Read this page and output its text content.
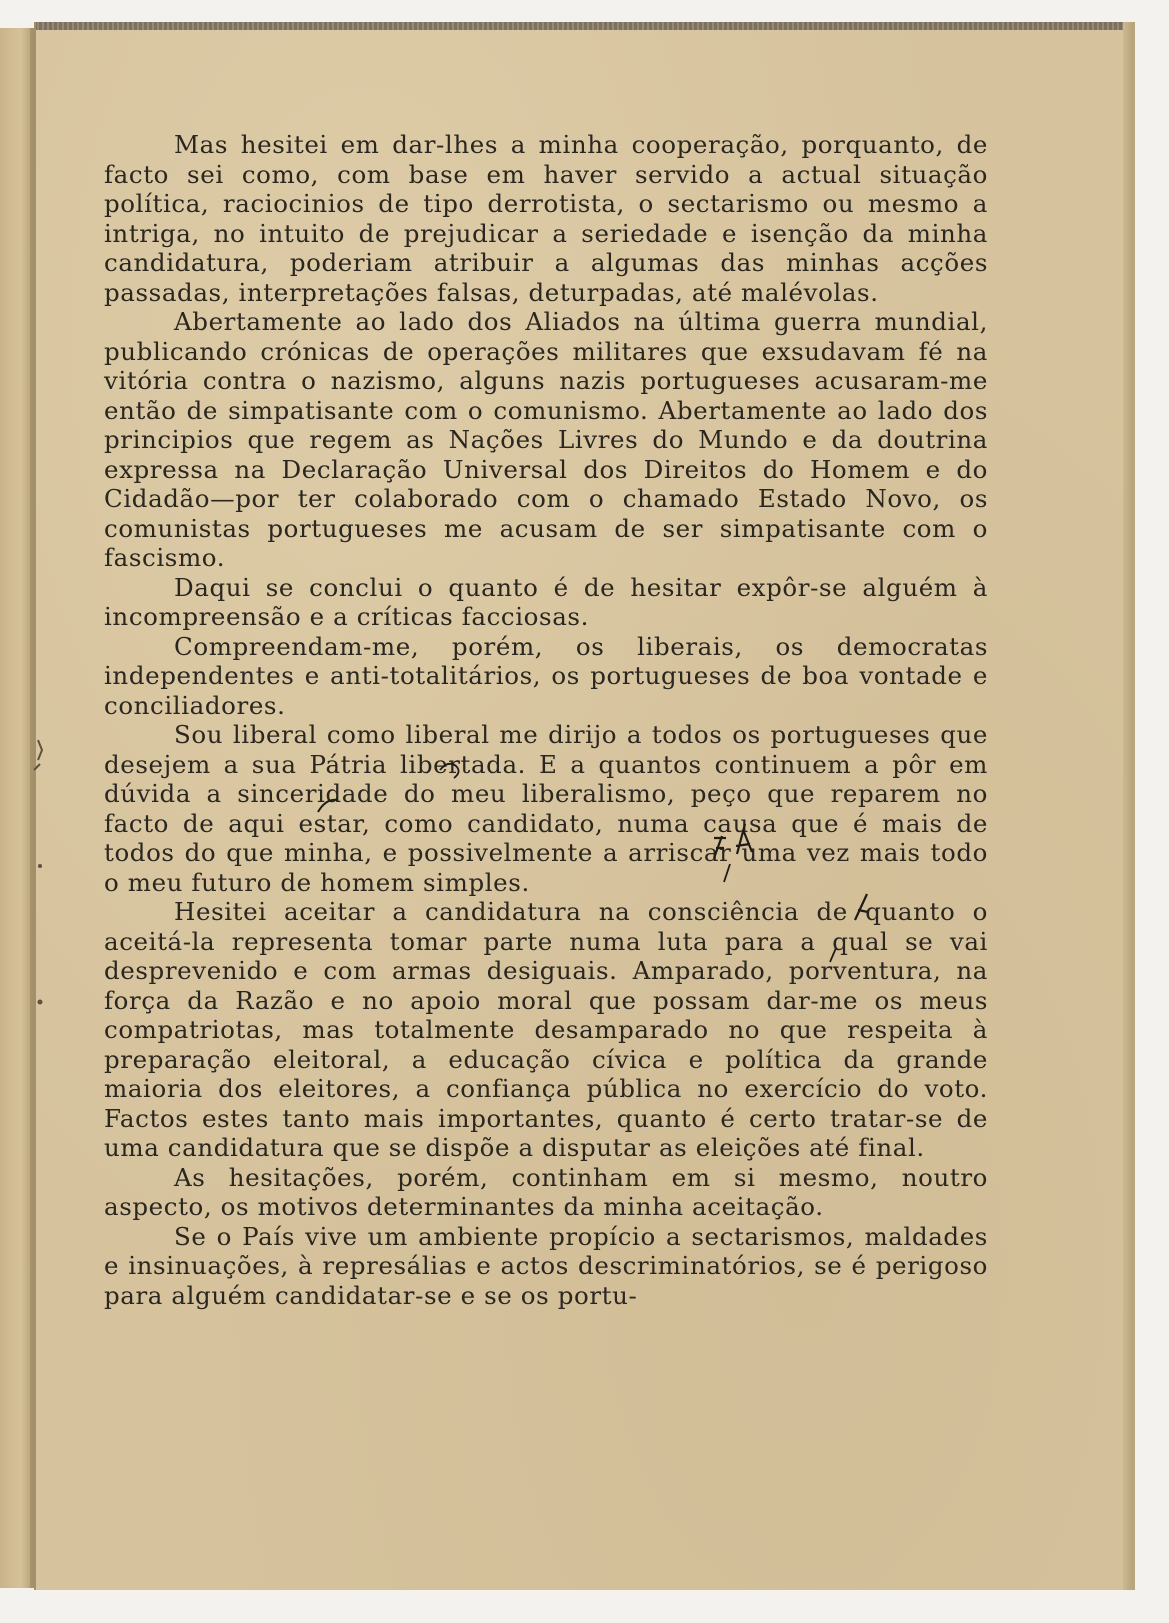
Mas hesitei em dar-lhes a minha cooperação, porquanto, de facto sei como, com base em haver servido a actual situação política, raciocinios de tipo derrotista, o sectarismo ou mesmo a intriga, no intuito de prejudicar a seriedade e isenção da minha candidatura, poderiam atribuir a algumas das minhas acções passadas, interpretações falsas, deturpadas, até malévolas.

Abertamente ao lado dos Aliados na última guerra mundial, publicando crónicas de operações militares que exsudavam fé na vitória contra o nazismo, alguns nazis portugueses acusaram-me então de simpatisante com o comunismo. Abertamente ao lado dos principios que regem as Nações Livres do Mundo e da doutrina expressa na Declaração Universal dos Direitos do Homem e do Cidadão—por ter colaborado com o chamado Estado Novo, os comunistas portugueses me acusam de ser simpatisante com o fascismo.

Daqui se conclui o quanto é de hesitar expôr-se alguém à incompreensão e a críticas facciosas.

Compreendam-me, porém, os liberais, os democratas independentes e anti-totalitários, os portugueses de boa vontade e conciliadores.

Sou liberal como liberal me dirijo a todos os portugueses que desejem a sua Pátria libertada. E a quantos continuem a pôr em dúvida a sinceridade do meu liberalismo, peço que reparem no facto de aqui estar, como candidato, numa causa que é mais de todos do que minha, e possivelmente a arriscar uma vez mais todo o meu futuro de homem simples.

Hesitei aceitar a candidatura na consciência de quanto o aceitá-la representa tomar parte numa luta para a qual se vai desprevenido e com armas desiguais. Amparado, porventura, na força da Razão e no apoio moral que possam dar-me os meus compatriotas, mas totalmente desamparado no que respeita à preparação eleitoral, a educação cívica e política da grande maioria dos eleitores, a confiança pública no exercício do voto. Factos estes tanto mais importantes, quanto é certo tratar-se de uma candidatura que se dispõe a disputar as eleições até final.

As hesitações, porém, continham em si mesmo, noutro aspecto, os motivos determinantes da minha aceitação.

Se o País vive um ambiente propício a sectarismos, maldades e insinuações, à represálias e actos descriminatórios, se é perigoso para alguém candidatar-se e se os portu-
